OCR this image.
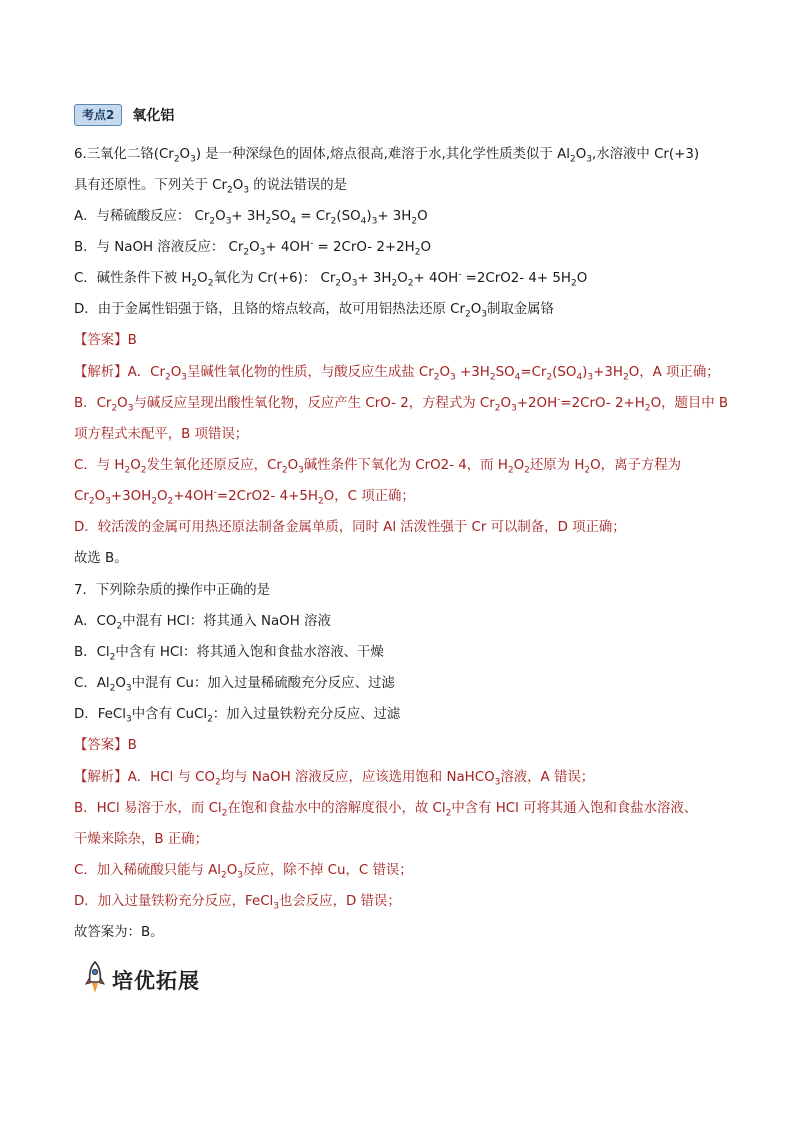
考点2	氧化铝
6.三氧化二铬$(Cr_2O_3)$ 是一种深绿色的固体,熔点很高,难溶于水,其化学性质类似于 $Al_2O_3$,水溶液中 Cr(+3)
具有还原性。下列关于 $Cr_2O_3$ 的说法错误的是
A．与稀硫酸反应： $Cr_2O_3+ 3H_2SO_4 = Cr_2(SO_4)_3+ 3H_2O$
B．与 NaOH 溶液反应： $Cr_2O_3+ 4OH^- = 2CrO-$ $2+2H_2O$
C．碱性条件下被 $H_2O_2$氧化为 Cr(+6)： $Cr_2O_3+ 3H_2O_2+ 4OH^- =2CrO2-$ $4+ 5H_2O$
D．由于金属性铝强于铬，且铬的熔点较高，故可用铝热法还原 $Cr_2O_3$制取金属铬
【答案】B
【解析】A．$Cr_2O_3$呈碱性氧化物的性质，与酸反应生成盐 $Cr_2O_3 +3H_2SO_4=Cr_2(SO_4)_3+3H_2O$，A 项正确；
B．$Cr_2O_3$与碱反应呈现出酸性氧化物，反应产生 CrO- 2，方程式为 $Cr_2O_3+2OH^-=2CrO-$ $2+H_2O$，题目中 B
项方程式未配平，B 项错误；
C．与 $H_2O_2$发生氧化还原反应，$Cr_2O_3$碱性条件下氧化为 CrO2- 4，而 $H_2O_2$还原为 $H_2O$，离子方程为
$Cr_2O_3+3OH_2O_2+4OH^-=2CrO2-$ $4+5H_2O$，C 项正确；
D．较活泼的金属可用热还原法制备金属单质，同时 Al 活泼性强于 Cr 可以制备，D 项正确；
故选 B。
7．下列除杂质的操作中正确的是
A．$CO_2$中混有 HCl：将其通入 NaOH 溶液
B．$Cl_2$中含有 HCl：将其通入饱和食盐水溶液、干燥
C．$Al_2O_3$中混有 Cu：加入过量稀硫酸充分反应、过滤
D．FeCl$_3$中含有 CuCl$_2$：加入过量铁粉充分反应、过滤
【答案】B
【解析】A．HCl 与 $CO_2$均与 NaOH 溶液反应，应该选用饱和 NaHCO$_3$溶液，A 错误；
B．HCl 易溶于水，而 $Cl_2$在饱和食盐水中的溶解度很小，故 $Cl_2$中含有 HCl 可将其通入饱和食盐水溶液、
干燥来除杂，B 正确；
C．加入稀硫酸只能与 $Al_2O_3$反应，除不掉 Cu，C 错误；
D．加入过量铁粉充分反应，FeCl$_3$也会反应，D 错误；
故答案为：B。
培优拓展
